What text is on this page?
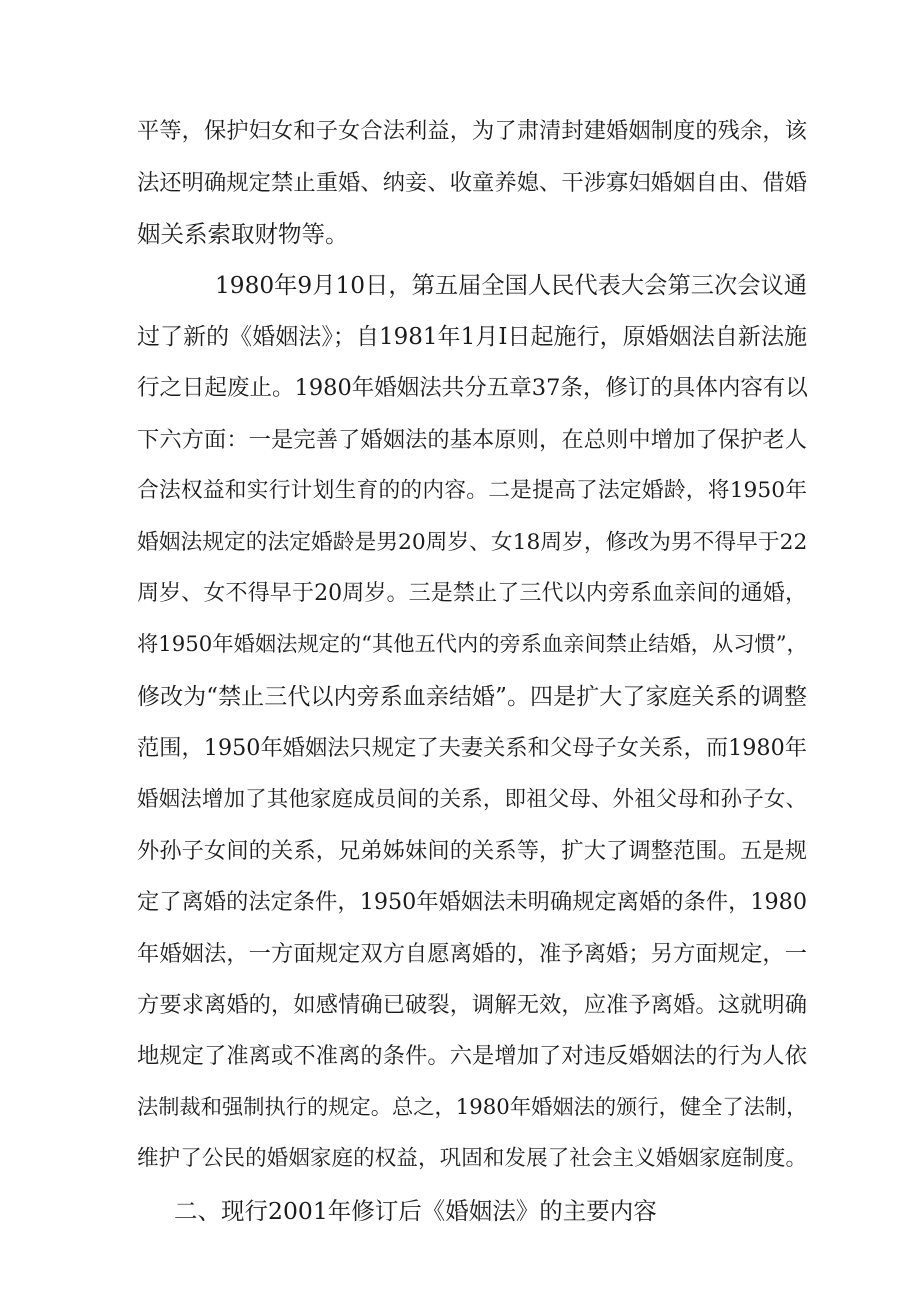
平等，保护妇女和子女合法利益，为了肃清封建婚姻制度的残余，该

法还明确规定禁止重婚、纳妾、收童养媳、干涉寡妇婚姻自由、借婚

姻关系索取财物等。

1980年9月10日，第五届全国人民代表大会第三次会议通

过了新的《婚姻法》；自1981年1月I日起施行，原婚姻法自新法施

行之日起废止。1980年婚姻法共分五章37条，修订的具体内容有以

下六方面：一是完善了婚姻法的基本原则，在总则中增加了保护老人

合法权益和实行计划生育的的内容。二是提高了法定婚龄，将1950年

婚姻法规定的法定婚龄是男20周岁、女18周岁，修改为男不得早于22

周岁、女不得早于20周岁。三是禁止了三代以内旁系血亲间的通婚，

将1950年婚姻法规定的“其他五代内的旁系血亲间禁止结婚，从习惯”，

修改为“禁止三代以内旁系血亲结婚”。四是扩大了家庭关系的调整

范围，1950年婚姻法只规定了夫妻关系和父母子女关系，而1980年

婚姻法增加了其他家庭成员间的关系，即祖父母、外祖父母和孙子女、

外孙子女间的关系，兄弟姊妹间的关系等，扩大了调整范围。五是规

定了离婚的法定条件，1950年婚姻法未明确规定离婚的条件，1980

年婚姻法，一方面规定双方自愿离婚的，准予离婚；另方面规定，一

方要求离婚的，如感情确已破裂，调解无效，应准予离婚。这就明确

地规定了准离或不准离的条件。六是增加了对违反婚姻法的行为人依

法制裁和强制执行的规定。总之，1980年婚姻法的颁行，健全了法制，

维护了公民的婚姻家庭的权益，巩固和发展了社会主义婚姻家庭制度。

二、现行2001年修订后《婚姻法》的主要内容
